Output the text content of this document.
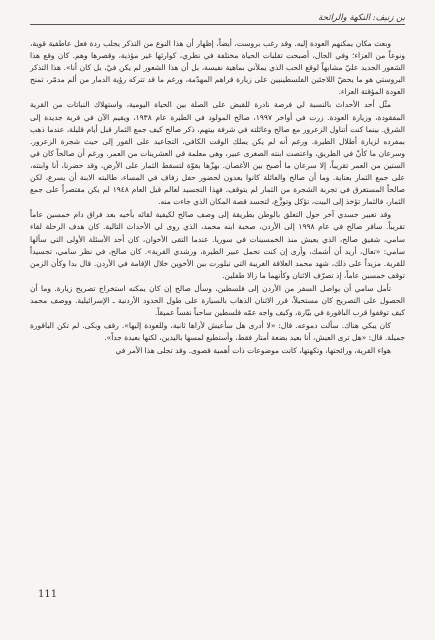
بن زنيف: النكهة والرائحة

وبعث مكان يمكنهم العودة إليه. وقد رغب بروست، أيضاً، إظهار أن هذا النوع من التذكر يجلب ردة فعل عاطفية قوية، ونوعاً من العزاء؛ وفي الحال، أصبحت تقلبات الحياة مختلفة في نظري، كوارثها غير مؤذية، وقصرها وهم. كان وقع هذا الشعور الجديد عليّ مشابهاً لوقع الحب الذي يملأني بماهية نفيسة، بل أن هذا الشعور لم يكن فيّ، بل كان أنا». هذا التذكر البروستي هو ما يحضّ اللاجئين الفلسطينيين على زيارة قراهم المهدّمة، ورغم ما قد تتركه رؤية الدمار من ألم مدمّر، تمنح العودة المؤقتة العزاء.

مثّل أحد الأحداث بالنسبة لي فرصة نادرة للقبض على الصلة بين الحياة اليومية، واستهلاك النباتات من القرية المفقودة، وزيارة العودة. زرت في أواخر ١٩٩٧، صالح المولود في الطيرة عام ١٩٣٨، ويقيم الآن في قرية جديدة إلى الشرق. بينما كنت أتناول الزعرور مع صالح وعائلته في شرفة بيتهم، ذكر صالح كيف جمع الثمار قبل أيام قليلة، عندما ذهب بمفرده لزيارة أطلال الطيرة. ورغم أنه لم يكن يملك الوقت الكافي، التجاعيد على الفور إلى حيث شجرة الزعرور. وسرعان ما كأنّ في الطريق، واعتصت ابنته الصغرى عبير، وهي معلمة في العشرينات من العمر. ورغم أن صالحاً كان في الستين من العمر تقريباً، إلا سرعان ما أصبح بين الأغصان. بهزّها بقوّة لتسقط الثمار على الأرض، وقد حضرنا، أنا وابنته، على جمع الثمار بعناية. وما أن صالح والعائلة كانوا يعدون لحضور حفل زفاف في المساء، طالبته الابنة أن يسرع، لكن صالحاً المستغرق في تجربة الشجرة من الثمار لم يتوقف. فهذا التجسيد لعالم قبل العام ١٩٤٨ لم يكن مقتصراً على جمع الثمار، فالثمار تؤخذ إلى البيت، تؤكل وتوزَّع، لتجسد قصة المكان الذي جاءت منه.

وقد تعبير جسدي آخر حول التعلق بالوطن بطريقة إلى وصف صالح لكيفية لقائه بأخيه بعد فراق دام خمسين عاماً تقريباً. سافر صالح في عام ١٩٩٨ إلى الأردن، صحبة ابنه محمد، الذي روى لي الأحداث التالية. كان هدف الرحلة لقاء سامي، شقيق صالح، الذي يعيش منذ الخمسينات في سوريا. عندما التقى الأخوان، كان أحد الأسئلة الأولى التي سألها سامي: «تعال، أريد أن أشمك، وأرى إن كنت تحمل عبير الطيرة، ورشدي القرية». كان صالح، في نظر سامي، تجسيداً للقرية. مزيداً على ذلك، شهد محمد العلاقة الغريبة التي تبلورت بين الأخوين خلال الإقامة في الأردن. قال بدا وكأن الزمن توقف خمسين عاماً، إذ تصرّف الاثنان وكأنهما ما زالا طفلين.

تأمل سامي أن يواصل السفر من الأردن إلى فلسطين، وسأل صالح إن كان يمكنه استخراج تصريح زيارة. وما أن الحصول على التصريح كان مستحيلاً، قرر الاثنان الذهاب بالسيارة على طول الحدود الأردنية ـ الإسرائيلية. ووصف محمد كيف توقفوا قرب الباقورة في بيّارة، وكيف واجه عمّه فلسطين ساحباً نفساً عميقاً.

كان يبكي هناك. سألت دموعه. قال: «لا أدرى هل سأعيش لأراها ثانية، وللعودة إليها». رقف وبكى. لم تكن الباقورة جميلة. قال: «هل ترى العيش، أنا بعيد بضعة أمتار فقط، وأستطيع لمسها باليدين، لكنها بعيدة جداً».

هواء القرية، ورائحتها، وتكهتها، كانت موضوعات ذات أهمية قصوى. وقد تجلى هذا الأمر في

111
